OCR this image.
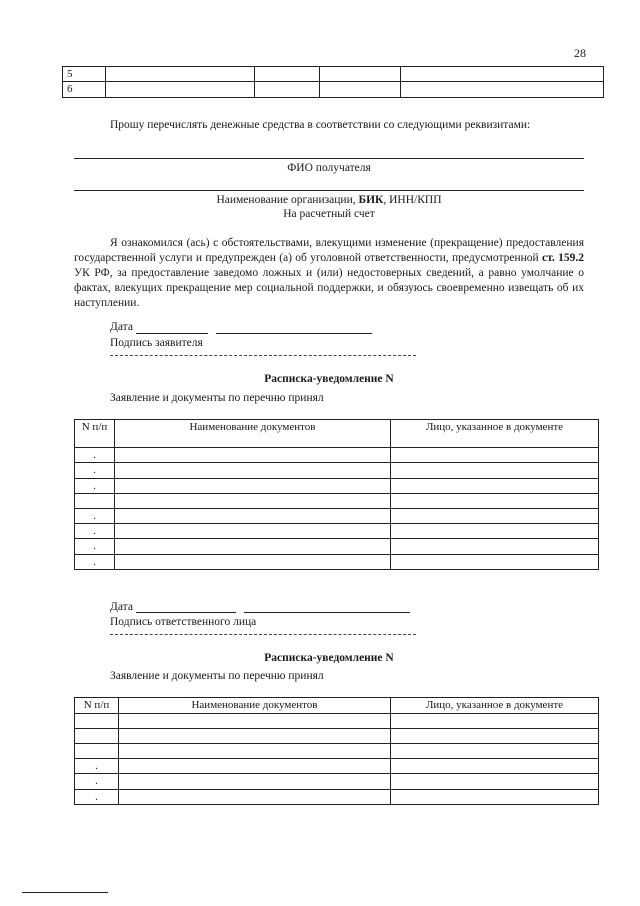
28
5				
6				
Прошу перечислять денежные средства в соответствии со следующими реквизитами:
ФИО получателя
Наименование организации, БИК, ИНН/КПП
На расчетный счет
Я ознакомился (ась) с обстоятельствами, влекущими изменение (прекращение) предоставления государственной услуги и предупрежден (а) об уголовной ответственности, предусмотренной ст. 159.2 УК РФ, за предоставление заведомо ложных и (или) недостоверных сведений, а равно умолчание о фактах, влекущих прекращение мер социальной поддержки, и обязуюсь своевременно извещать об их наступлении.
Дата
Подпись заявителя
Расписка-уведомление N
Заявление и документы по перечню принял
N п/п	Наименование документов	Лицо, указанное в документе
.		
.		
.		

.		
.		
.		
.		
Дата
Подпись ответственного лица
Расписка-уведомление N
Заявление и документы по перечню принял
N п/п	Наименование документов	Лицо, указанное в документе

.		
.		
.		
